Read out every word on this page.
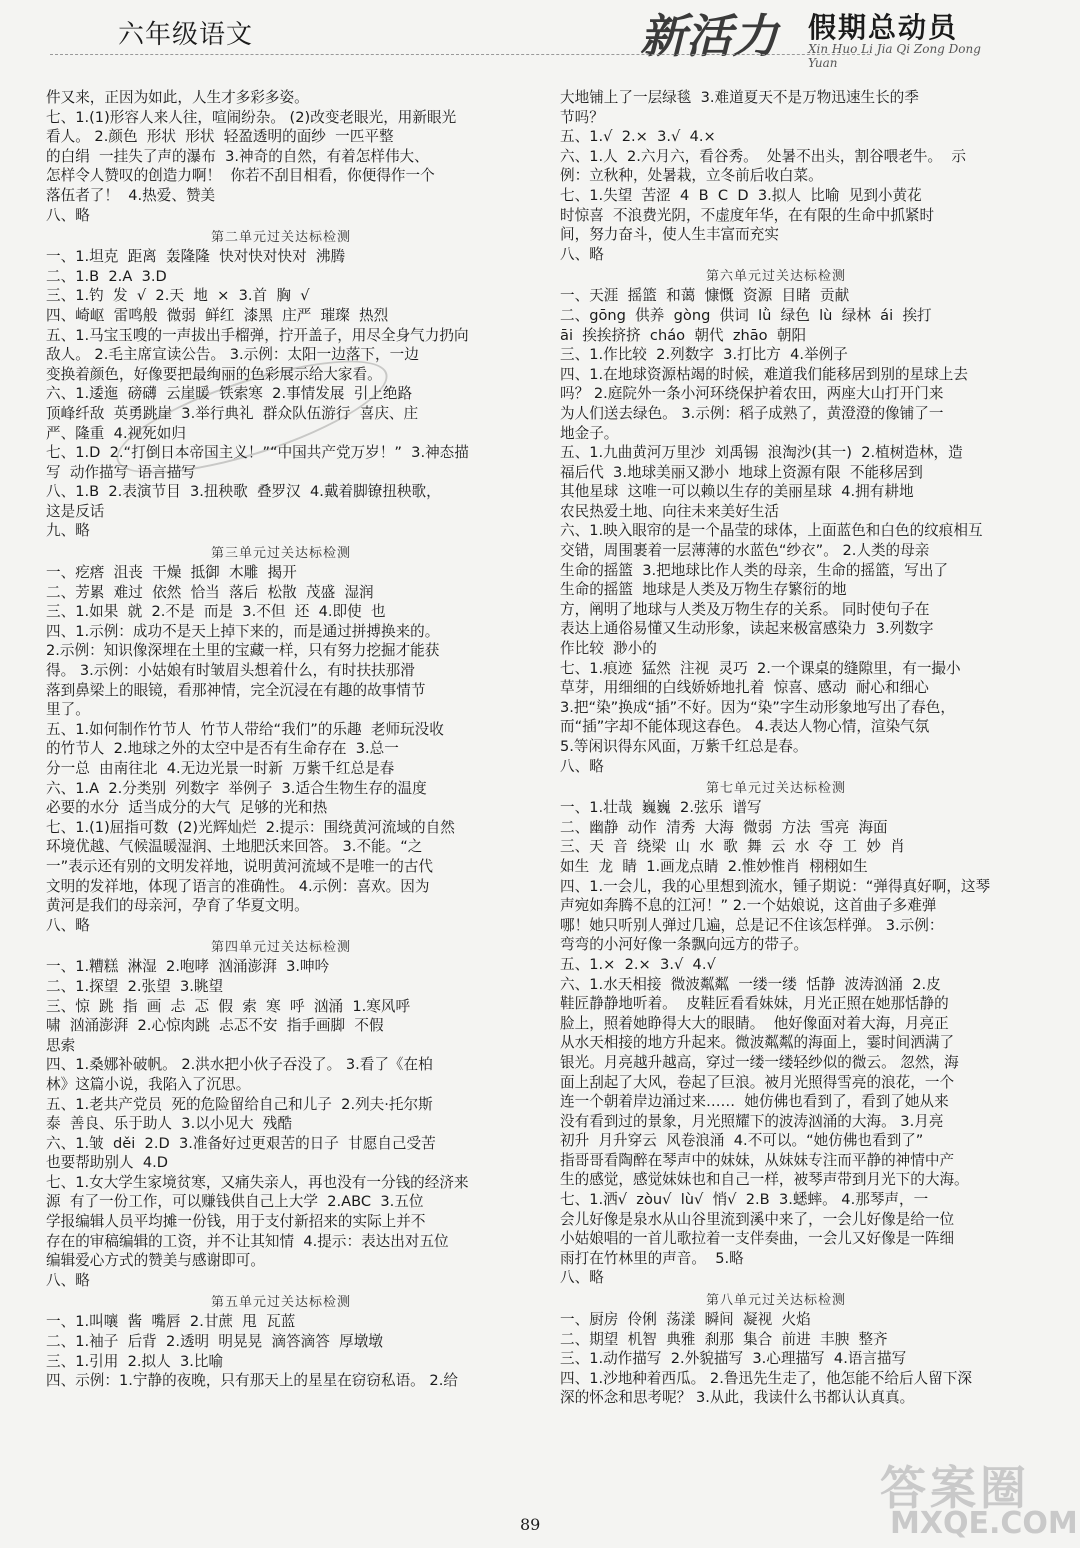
六年级语文	新活力 假期总动员
Xin Huo Li Jia Qi Zong Dong Yuan
件又来，正因为如此，人生才多彩多姿。
七、1.(1)形容人来人往，喧闹纷杂。 (2)改变老眼光，用新眼光
看人。 2.颜色  形状  形状  轻盈透明的面纱  一匹平整
的白绢  一挂失了声的瀑布  3.神奇的自然，有着怎样伟大、
怎样令人赞叹的创造力啊！  你若不刮目相看，你便得作一个
落伍者了！  4.热爱、赞美
八、略
第二单元过关达标检测
一、1.坦克  距离  轰隆隆  快对快对快对  沸腾
二、1.B  2.A  3.D
三、1.钓  发  √  2.天  地  ×  3.首  胸  √
四、崎岖  雷鸣般  微弱  鲜红  漆黑  庄严  璀璨  热烈
五、1.马宝玉嗖的一声拔出手榴弹，拧开盖子，用尽全身气力扔向
敌人。 2.毛主席宣读公告。 3.示例：太阳一边落下，一边
变换着颜色，好像要把最绚丽的色彩展示给大家看。
六、1.逶迤  磅礴  云崖暖  铁索寒  2.事情发展  引上绝路
顶峰纤敌  英勇跳崖  3.举行典礼  群众队伍游行  喜庆、庄
严、隆重  4.视死如归
七、1.D  2.“打倒日本帝国主义！”“中国共产党万岁！”  3.神态描
写  动作描写  语言描写
八、1.B  2.表演节目  3.扭秧歌  叠罗汉  4.戴着脚镣扭秧歌，
这是反话
九、略
第三单元过关达标检测
一、疙瘩  沮丧  干燥  抵御  木雕  揭开
二、芳累  难过  依然  恰当  落后  松散  茂盛  湿润
三、1.如果  就  2.不是  而是  3.不但  还  4.即使  也
四、1.示例：成功不是天上掉下来的，而是通过拼搏换来的。
2.示例：知识像深埋在土里的宝藏一样，只有努力挖掘才能获
得。 3.示例：小姑娘有时皱眉头想着什么，有时扶扶那滑
落到鼻梁上的眼镜，看那神情，完全沉浸在有趣的故事情节
里了。
五、1.如何制作竹节人  竹节人带给“我们”的乐趣  老师玩没收
的竹节人  2.地球之外的太空中是否有生命存在  3.总一
分一总  由南往北  4.无边光景一时新  万紫千红总是春
六、1.A  2.分类别  列数字  举例子  3.适合生物生存的温度
必要的水分  适当成分的大气  足够的光和热
七、1.(1)屈指可数  (2)光辉灿烂  2.提示：围绕黄河流域的自然
环境优越、气候温暖湿润、土地肥沃来回答。 3.不能。“之
一”表示还有别的文明发祥地，说明黄河流域不是唯一的古代
文明的发祥地，体现了语言的准确性。 4.示例：喜欢。因为
黄河是我们的母亲河，孕育了华夏文明。
八、略
第四单元过关达标检测
一、1.糟糕  淋湿  2.咆哮  汹涌澎湃  3.呻吟
二、1.探望  2.张望  3.眺望
三、惊  跳  指  画  忐  忑  假  索  寒  呼  汹涌  1.寒风呼
啸  汹涌澎湃  2.心惊肉跳  忐忑不安  指手画脚  不假
思索
四、1.桑娜补破帆。 2.洪水把小伙子吞没了。 3.看了《在柏
林》这篇小说，我陷入了沉思。
五、1.老共产党员  死的危险留给自己和儿子  2.列夫·托尔斯
泰  善良、乐于助人  3.以小见大  残酷
六、1.皱  děi  2.D  3.准备好过更艰苦的日子  甘愿自己受苦
也要帮助别人  4.D
七、1.女大学生家境贫寒，又痛失亲人，再也没有一分钱的经济来
源  有了一份工作，可以赚钱供自己上大学  2.ABC  3.五位
学报编辑人员平均摊一份钱，用于支付新招来的实际上并不
存在的审稿编辑的工资，并不让其知情  4.提示：表达出对五位
编辑爱心方式的赞美与感谢即可。
八、略
第五单元过关达标检测
一、1.叫嚷  酱  嘴唇  2.甘蔗  甩  瓦蓝
二、1.袖子  后背  2.透明  明晃晃  滴答滴答  厚墩墩
三、1.引用  2.拟人  3.比喻
四、示例：1.宁静的夜晚，只有那天上的星星在窃窃私语。 2.给
大地铺上了一层绿毯  3.难道夏天不是万物迅速生长的季
节吗？
五、1.√  2.×  3.√  4.×
六、1.人  2.六月六，看谷秀。  处暑不出头，割谷喂老牛。  示
例：立秋种，处暑栽，立冬前后收白菜。
七、1.失望  苦涩  4  B  C  D  3.拟人  比喻  见到小黄花
时惊喜  不浪费光阴，不虚度年华，在有限的生命中抓紧时
间，努力奋斗，使人生丰富而充实
八、略
第六单元过关达标检测
一、天涯  摇篮  和蔼  慷慨  资源  目睹  贡献
二、gōng  供养  gòng  供词  lǜ  绿色  lù  绿林  ái  挨打
āi  挨挨挤挤  cháo  朝代  zhāo  朝阳
三、1.作比较  2.列数字  3.打比方  4.举例子
四、1.在地球资源枯竭的时候，难道我们能移居到别的星球上去
吗？ 2.庭院外一条小河环绕保护着农田，两座大山打开门来
为人们送去绿色。 3.示例：稻子成熟了，黄澄澄的像铺了一
地金子。
五、1.九曲黄河万里沙  刘禹锡  浪淘沙(其一)  2.植树造林，造
福后代  3.地球美丽又渺小  地球上资源有限  不能移居到
其他星球  这唯一可以赖以生存的美丽星球  4.拥有耕地
农民热爱土地、向往未来美好生活
六、1.映入眼帘的是一个晶莹的球体，上面蓝色和白色的纹痕相互
交错，周围裹着一层薄薄的水蓝色“纱衣”。 2.人类的母亲
生命的摇篮  3.把地球比作人类的母亲，生命的摇篮，写出了
生命的摇篮  地球是人类及万物生存繁衍的地
方，阐明了地球与人类及万物生存的关系。 同时使句子在
表达上通俗易懂又生动形象，读起来极富感染力  3.列数字
作比较  渺小的
七、1.痕迹  猛然  注视  灵巧  2.一个课桌的缝隙里，有一撮小
草芽，用细细的白线娇娇地扎着  惊喜、感动  耐心和细心
3.把“染”换成“插”不好。因为“染”字生动形象地写出了春色，
而“插”字却不能体现这春色。 4.表达人物心情，渲染气氛
5.等闲识得东风面，万紫千红总是春。
八、略
第七单元过关达标检测
一、1.壮哉  巍巍  2.弦乐  谱写
二、幽静  动作  清秀  大海  微弱  方法  雪亮  海面
三、天  音  绕梁  山  水  歌  舞  云  水  夺  工  妙  肖
如生  龙  睛  1.画龙点睛  2.惟妙惟肖  栩栩如生
四、1.一会儿，我的心里想到流水，锺子期说：“弹得真好啊，这琴
声宛如奔腾不息的江河！” 2.一个姑娘说，这首曲子多难弹
哪！她只听别人弹过几遍，总是记不住该怎样弹。 3.示例：
弯弯的小河好像一条飘向远方的带子。
五、1.×  2.×  3.√  4.√
六、1.水天相接  微波粼粼  一缕一缕  恬静  波涛汹涌  2.皮
鞋匠静静地听着。  皮鞋匠看看妹妹，月光正照在她那恬静的
脸上，照着她睁得大大的眼睛。  他好像面对着大海，月亮正
从水天相接的地方升起来。微波粼粼的海面上，霎时间洒满了
银光。月亮越升越高，穿过一缕一缕轻纱似的微云。 忽然，海
面上刮起了大风，卷起了巨浪。被月光照得雪亮的浪花，一个
连一个朝着岸边涌过来……  她仿佛也看到了，看到了她从来
没有看到过的景象，月光照耀下的波涛汹涌的大海。 3.月亮
初升  月升穿云  风卷浪涌  4.不可以。“她仿佛也看到了”
指哥哥看陶醉在琴声中的妹妹，从妹妹专注而平静的神情中产
生的感觉，感觉妹妹也和自己一样，被琴声带到月光下的大海。
七、1.洒√  zòu√  lù√  悄√  2.B  3.蟋蟀。 4.那琴声，一
会儿好像是泉水从山谷里流到溪中来了，一会儿好像是给一位
小姑娘唱的一首儿歌拉着一支伴奏曲，一会儿又好像是一阵细
雨打在竹林里的声音。  5.略
八、略
第八单元过关达标检测
一、厨房  伶俐  荡漾  瞬间  凝视  火焰
二、期望  机智  典雅  刹那  集合  前进  丰腴  整齐
三、1.动作描写  2.外貌描写  3.心理描写  4.语言描写
四、1.沙地种着西瓜。 2.鲁迅先生走了，他怎能不给后人留下深
深的怀念和思考呢？ 3.从此，我读什么书都认认真真。
89
答案圈
MXQE.COM
